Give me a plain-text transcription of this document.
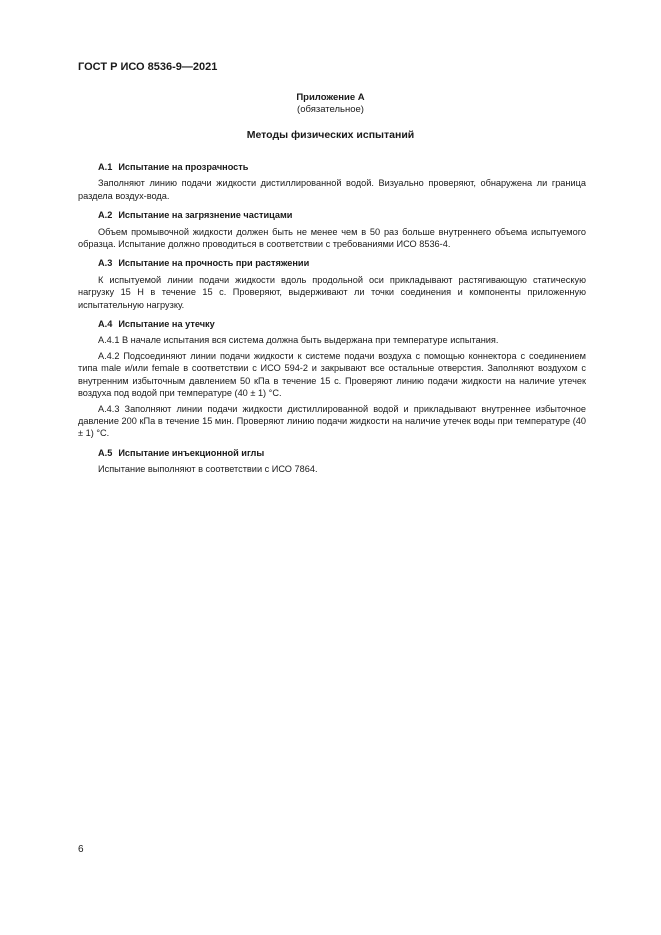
ГОСТ Р ИСО 8536-9—2021
Приложение А
(обязательное)
Методы физических испытаний
А.1 Испытание на прозрачность

Заполняют линию подачи жидкости дистиллированной водой. Визуально проверяют, обнаружена ли граница раздела воздух-вода.

А.2 Испытание на загрязнение частицами

Объем промывочной жидкости должен быть не менее чем в 50 раз больше внутреннего объема испытуемого образца. Испытание должно проводиться в соответствии с требованиями ИСО 8536-4.

А.3 Испытание на прочность при растяжении

К испытуемой линии подачи жидкости вдоль продольной оси прикладывают растягивающую статическую нагрузку 15 Н в течение 15 с. Проверяют, выдерживают ли точки соединения и компоненты приложенную испытательную нагрузку.

А.4 Испытание на утечку

А.4.1 В начале испытания вся система должна быть выдержана при температуре испытания.

А.4.2 Подсоединяют линии подачи жидкости к системе подачи воздуха с помощью коннектора с соединением типа male и/или female в соответствии с ИСО 594-2 и закрывают все остальные отверстия. Заполняют воздухом с внутренним избыточным давлением 50 кПа в течение 15 с. Проверяют линию подачи жидкости на наличие утечек воздуха под водой при температуре (40 ± 1) °С.

А.4.3 Заполняют линии подачи жидкости дистиллированной водой и прикладывают внутреннее избыточное давление 200 кПа в течение 15 мин. Проверяют линию подачи жидкости на наличие утечек воды при температуре (40 ± 1) °С.

А.5 Испытание инъекционной иглы

Испытание выполняют в соответствии с ИСО 7864.

6
